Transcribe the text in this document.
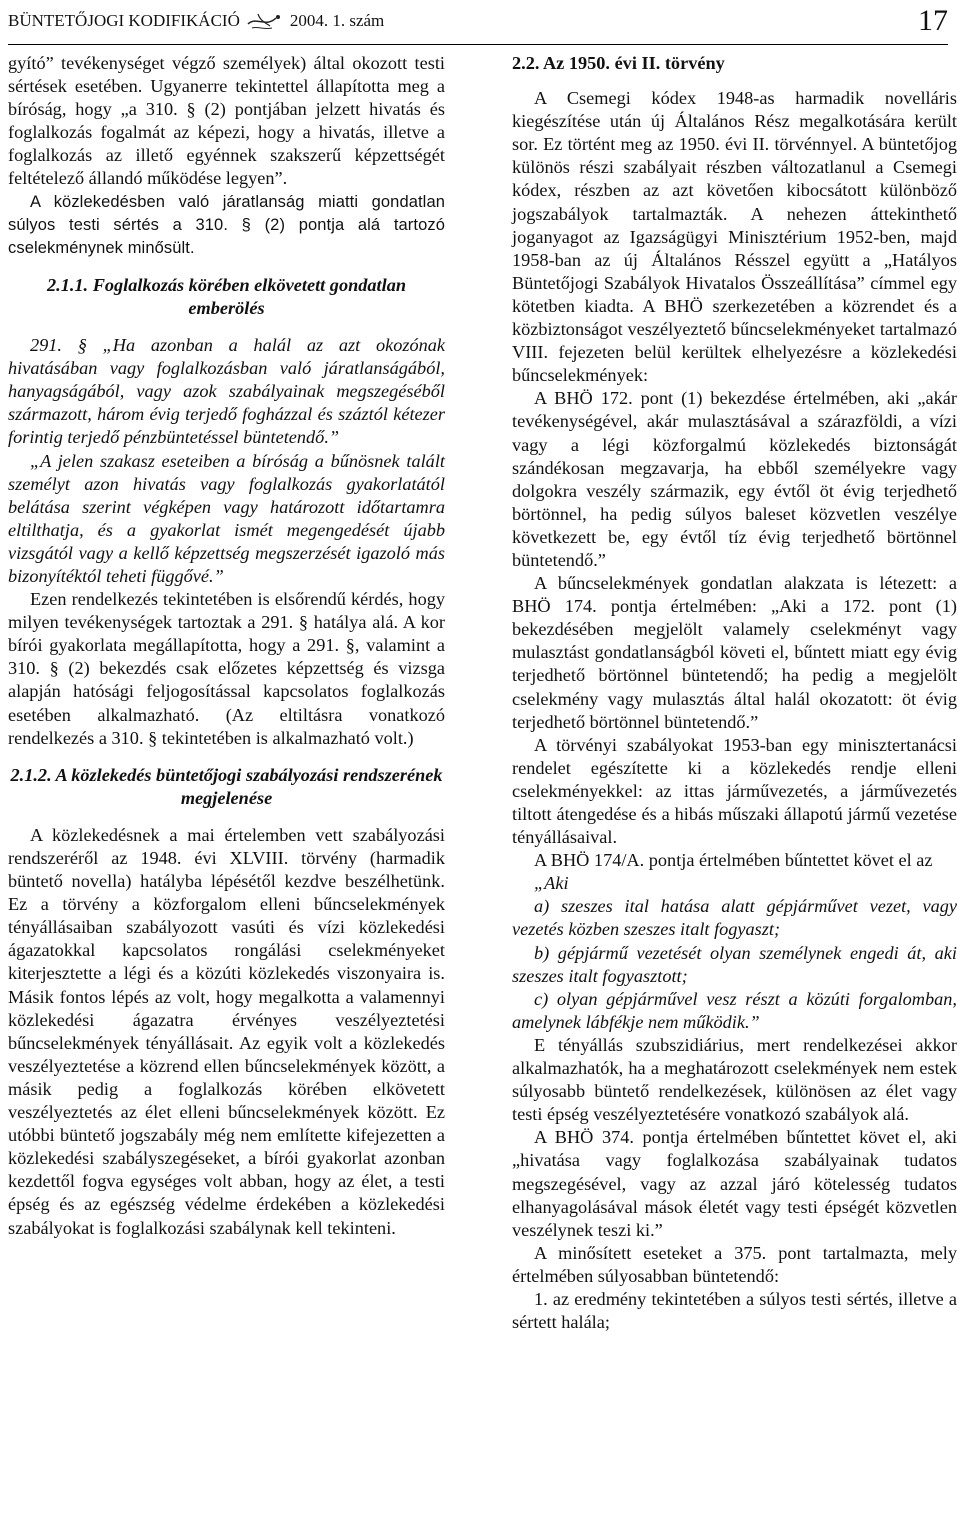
BÜNTETŐJOGI KODIFIKÁCIÓ	2004. 1. szám	17

gyító” tevékenységet végző személyek) által okozott testi sértések esetében. Ugyanerre tekintettel állapította meg a bíróság, hogy „a 310. § (2) pontjában jelzett hivatás és foglalkozás fogalmát az képezi, hogy a hivatás, illetve a foglalkozás az illető egyénnek szakszerű képzettségét feltételező állandó működése legyen”.

A közlekedésben való járatlanság miatti gondatlan súlyos testi sértés a 310. § (2) pontja alá tartozó cselekménynek minősült.

2.1.1. Foglalkozás körében elkövetett gondatlan emberölés

291. § „Ha azonban a halál az azt okozónak hivatásában vagy foglalkozásban való járatlanságából, hanyagságából, vagy azok szabályainak megszegéséből származott, három évig terjedő fogházzal és száztól kétezer forintig terjedő pénzbüntetéssel büntetendő.”

„A jelen szakasz eseteiben a bíróság a bűnösnek talált személyt azon hivatás vagy foglalkozás gyakorlatától belátása szerint végképen vagy határozott időtartamra eltilthatja, és a gyakorlat ismét megengedését újabb vizsgától vagy a kellő képzettség megszerzését igazoló más bizonyítéktól teheti függővé.”

Ezen rendelkezés tekintetében is elsőrendű kérdés, hogy milyen tevékenységek tartoztak a 291. § hatálya alá. A kor bírói gyakorlata megállapította, hogy a 291. §, valamint a 310. § (2) bekezdés csak előzetes képzettség és vizsga alapján hatósági feljogosítással kapcsolatos foglalkozás esetében alkalmazható. (Az eltiltásra vonatkozó rendelkezés a 310. § tekintetében is alkalmazható volt.)

2.1.2. A közlekedés büntetőjogi szabályozási rendszerének megjelenése

A közlekedésnek a mai értelemben vett szabályozási rendszeréről az 1948. évi XLVIII. törvény (harmadik büntető novella) hatályba lépésétől kezdve beszélhetünk. Ez a törvény a közforgalom elleni bűncselekmények tényállásaiban szabályozott vasúti és vízi közlekedési ágazatokkal kapcsolatos rongálási cselekményeket kiterjesztette a légi és a közúti közlekedés viszonyaira is. Másik fontos lépés az volt, hogy megalkotta a valamennyi közlekedési ágazatra érvényes veszélyeztetési bűncselekmények tényállásait. Az egyik volt a közlekedés veszélyeztetése a közrend ellen bűncselekmények között, a másik pedig a foglalkozás körében elkövetett veszélyeztetés az élet elleni bűncselekmények között. Ez utóbbi büntető jogszabály még nem említette kifejezetten a közlekedési szabályszegéseket, a bírói gyakorlat azonban kezdettől fogva egységes volt abban, hogy az élet, a testi épség és az egészség védelme érdekében a közlekedési szabályokat is foglalkozási szabálynak kell tekinteni.

2.2. Az 1950. évi II. törvény

A Csemegi kódex 1948-as harmadik novelláris kiegészítése után új Általános Rész megalkotására került sor. Ez történt meg az 1950. évi II. törvénnyel. A büntetőjog különös részi szabályait részben változatlanul a Csemegi kódex, részben az azt követően kibocsátott különböző jogszabályok tartalmazták. A nehezen áttekinthető joganyagot az Igazságügyi Minisztérium 1952-ben, majd 1958-ban az új Általános Résszel együtt a „Hatályos Büntetőjogi Szabályok Hivatalos Összeállítása” címmel egy kötetben kiadta. A BHÖ szerkezetében a közrendet és a közbiztonságot veszélyeztető bűncselekményeket tartalmazó VIII. fejezeten belül kerültek elhelyezésre a közlekedési bűncselekmények:

A BHÖ 172. pont (1) bekezdése értelmében, aki „akár tevékenységével, akár mulasztásával a szárazföldi, a vízi vagy a légi közforgalmú közlekedés biztonságát szándékosan megzavarja, ha ebből személyekre vagy dolgokra veszély származik, egy évtől öt évig terjedhető börtönnel, ha pedig súlyos baleset közvetlen veszélye következett be, egy évtől tíz évig terjedhető börtönnel büntetendő.”

A bűncselekmények gondatlan alakzata is létezett: a BHÖ 174. pontja értelmében: „Aki a 172. pont (1) bekezdésében megjelölt valamely cselekményt vagy mulasztást gondatlanságból követi el, bűntett miatt egy évig terjedhető börtönnel büntetendő; ha pedig a megjelölt cselekmény vagy mulasztás által halál okozatott: öt évig terjedhető börtönnel büntetendő.”

A törvényi szabályokat 1953-ban egy minisztertanácsi rendelet egészítette ki a közlekedés rendje elleni cselekményekkel: az ittas járművezetés, a járművezetés tiltott átengedése és a hibás műszaki állapotú jármű vezetése tényállásaival.

A BHÖ 174/A. pontja értelmében bűntettet követ el az

„Aki

a) szeszes ital hatása alatt gépjárművet vezet, vagy vezetés közben szeszes italt fogyaszt;

b) gépjármű vezetését olyan személynek engedi át, aki szeszes italt fogyasztott;

c) olyan gépjárművel vesz részt a közúti forgalomban, amelynek lábfékje nem működik.”

E tényállás szubszidiárius, mert rendelkezései akkor alkalmazhatók, ha a meghatározott cselekmények nem estek súlyosabb büntető rendelkezések, különösen az élet vagy testi épség veszélyeztetésére vonatkozó szabályok alá.

A BHÖ 374. pontja értelmében bűntettet követ el, aki „hivatása vagy foglalkozása szabályainak tudatos megszegésével, vagy az azzal járó kötelesség tudatos elhanyagolásával mások életét vagy testi épségét közvetlen veszélynek teszi ki.”

A minősített eseteket a 375. pont tartalmazta, mely értelmében súlyosabban büntetendő:

1. az eredmény tekintetében a súlyos testi sértés, illetve a sértett halála;
